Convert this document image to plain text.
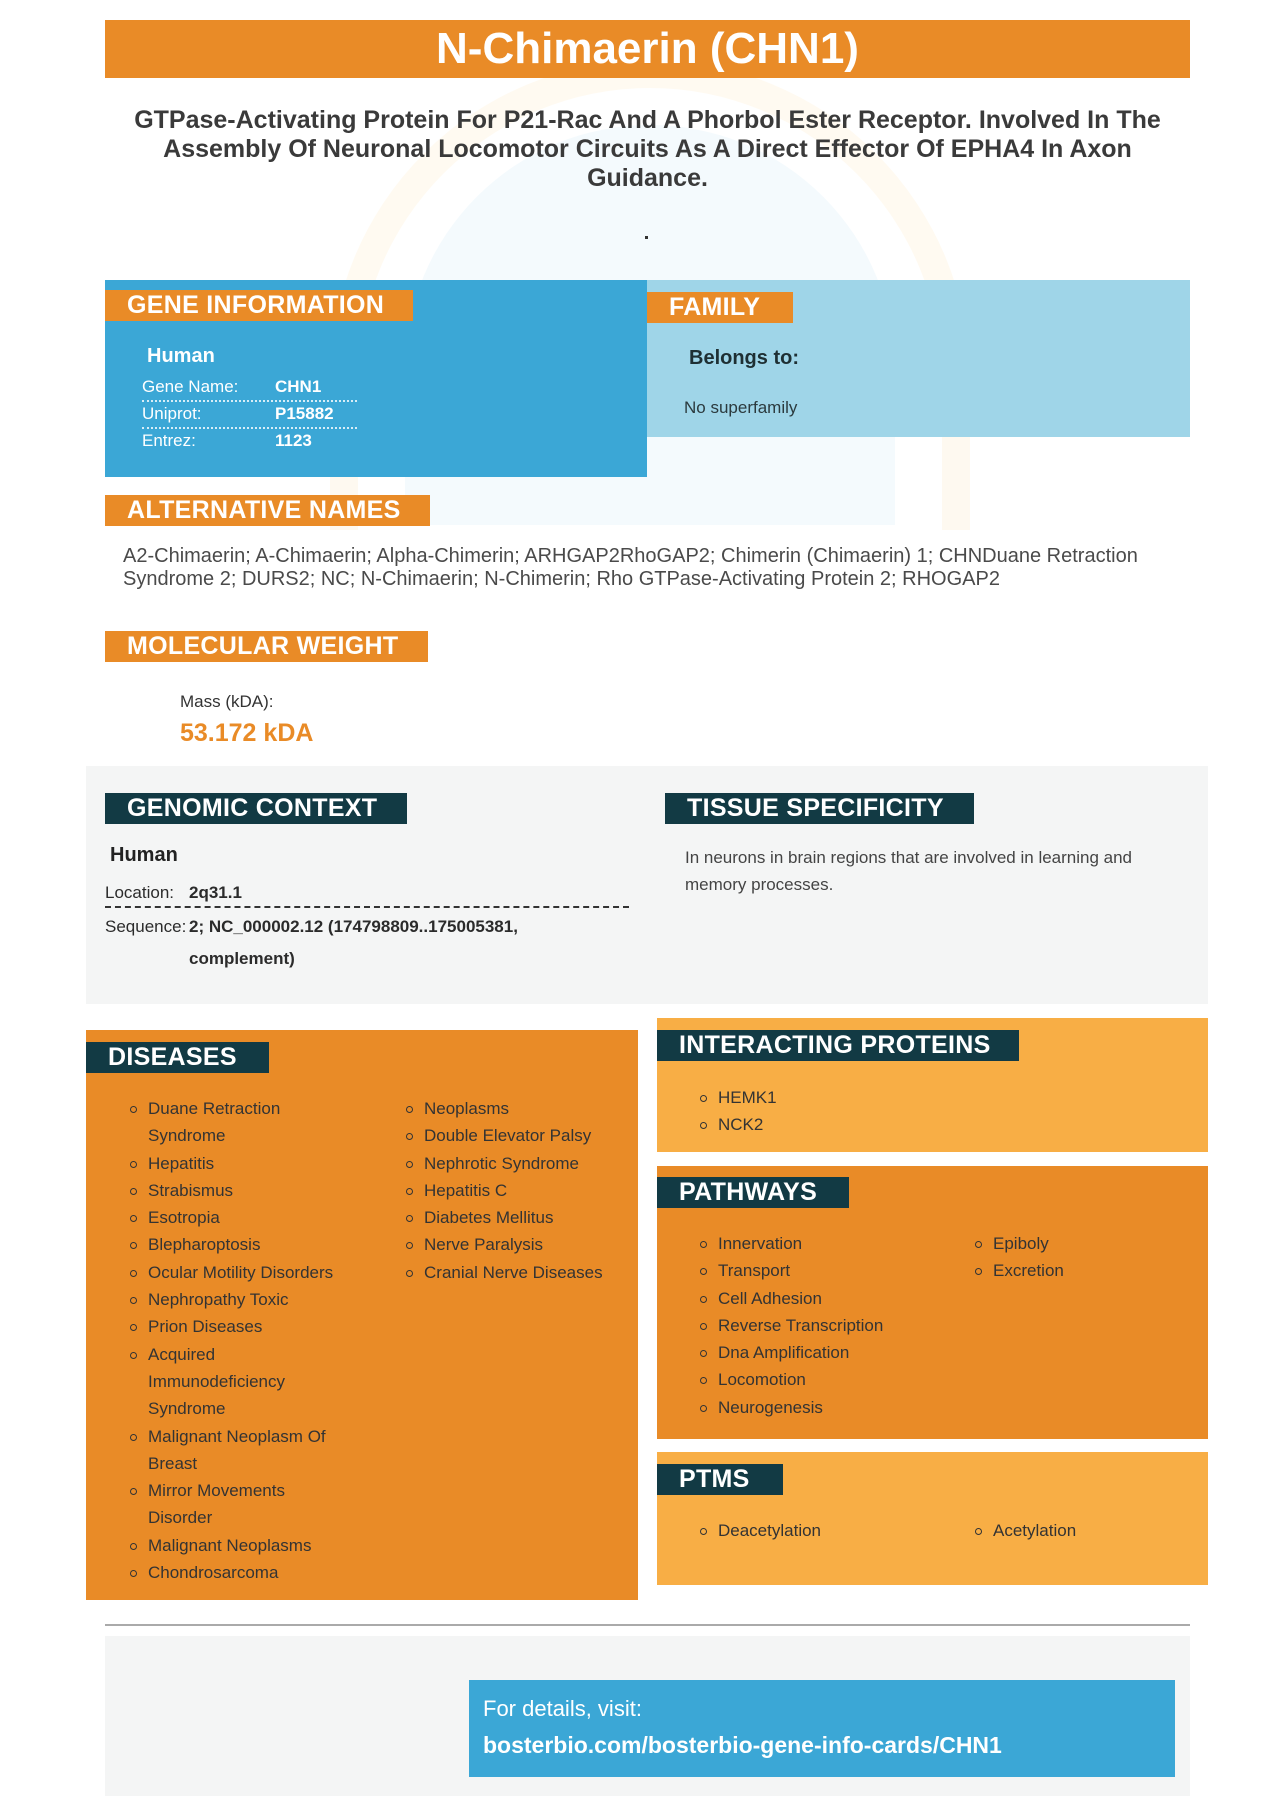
N-Chimaerin (CHN1)
GTPase-Activating Protein For P21-Rac And A Phorbol Ester Receptor. Involved In The Assembly Of Neuronal Locomotor Circuits As A Direct Effector Of EPHA4 In Axon Guidance.
GENE INFORMATION
Human
Gene Name: CHN1
Uniprot:	P15882
Entrez:	1123
FAMILY
Belongs to:
No superfamily
ALTERNATIVE NAMES
A2-Chimaerin; A-Chimaerin; Alpha-Chimerin; ARHGAP2RhoGAP2; Chimerin (Chimaerin) 1; CHNDuane Retraction Syndrome 2; DURS2; NC; N-Chimaerin; N-Chimerin; Rho GTPase-Activating Protein 2; RHOGAP2
MOLECULAR WEIGHT
Mass (kDA):
53.172 kDA
GENOMIC CONTEXT	TISSUE SPECIFICITY
Human
Location: 2q31.1
Sequence: 2; NC_000002.12 (174798809..175005381, complement)
In neurons in brain regions that are involved in learning and memory processes.
DISEASES
Duane Retraction Syndrome
Hepatitis
Strabismus
Esotropia
Blepharoptosis
Ocular Motility Disorders
Nephropathy Toxic
Prion Diseases
Acquired Immunodeficiency Syndrome
Malignant Neoplasm Of Breast
Mirror Movements Disorder
Malignant Neoplasms
Chondrosarcoma
Neoplasms
Double Elevator Palsy
Nephrotic Syndrome
Hepatitis C
Diabetes Mellitus
Nerve Paralysis
Cranial Nerve Diseases
INTERACTING PROTEINS
HEMK1
NCK2
PATHWAYS
Innervation
Transport
Cell Adhesion
Reverse Transcription
Dna Amplification
Locomotion
Neurogenesis
Epiboly
Excretion
PTMS
Deacetylation	Acetylation
For details, visit:
bosterbio.com/bosterbio-gene-info-cards/CHN1
